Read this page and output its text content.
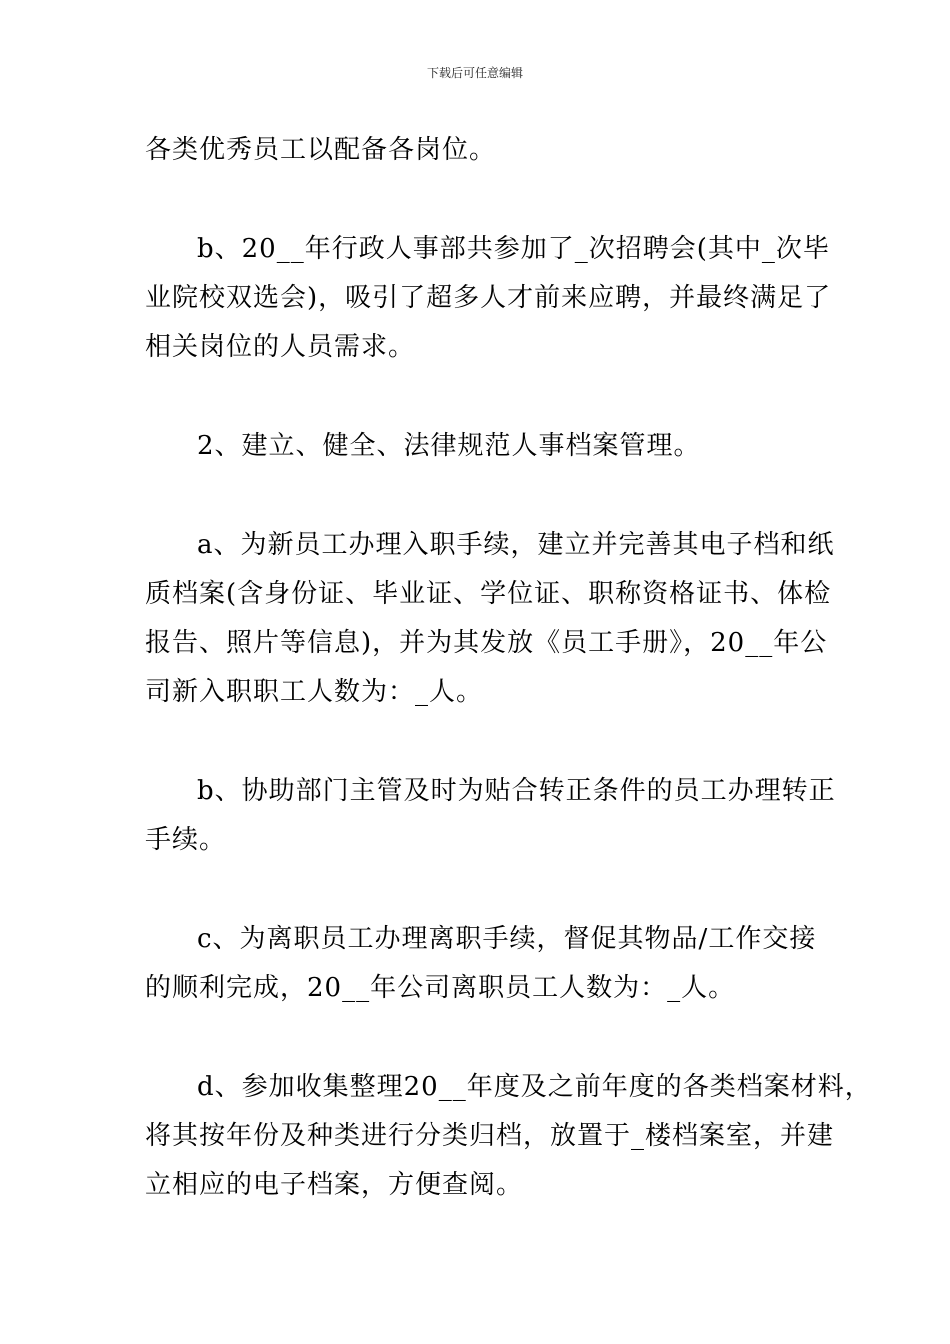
下载后可任意编辑

各类优秀员工以配备各岗位。

b、20__年行政人事部共参加了_次招聘会(其中_次毕
业院校双选会)，吸引了超多人才前来应聘，并最终满足了
相关岗位的人员需求。

2、建立、健全、法律规范人事档案管理。

a、为新员工办理入职手续，建立并完善其电子档和纸
质档案(含身份证、毕业证、学位证、职称资格证书、体检
报告、照片等信息)，并为其发放《员工手册》，20__年公
司新入职职工人数为：_人。

b、协助部门主管及时为贴合转正条件的员工办理转正
手续。

c、为离职员工办理离职手续，督促其物品/工作交接
的顺利完成，20__年公司离职员工人数为：_人。

d、参加收集整理20__年度及之前年度的各类档案材料，
将其按年份及种类进行分类归档，放置于_楼档案室，并建
立相应的电子档案，方便查阅。
